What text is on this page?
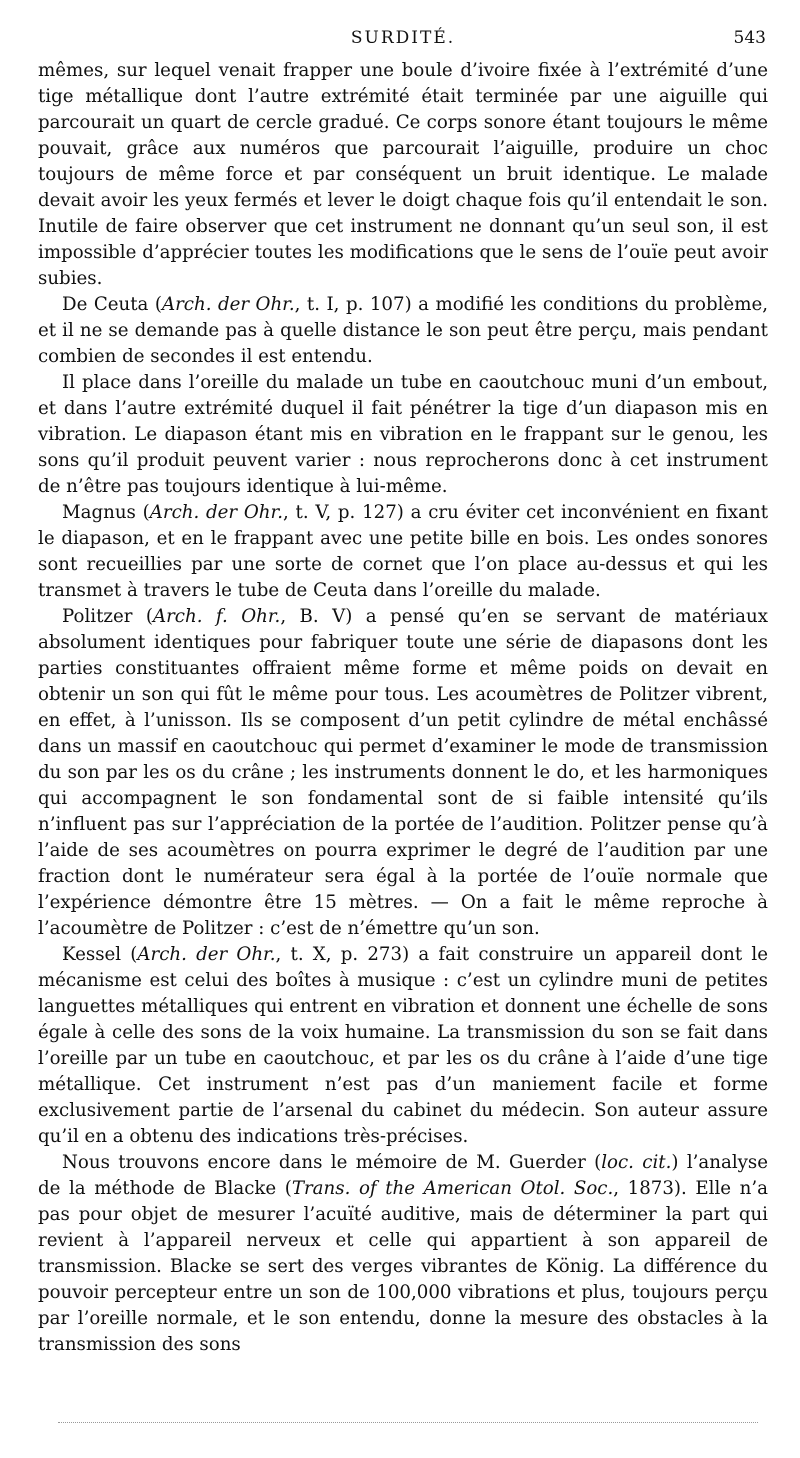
SURDITÉ.	543

mêmes, sur lequel venait frapper une boule d’ivoire fixée à l’extrémité d’une tige métallique dont l’autre extrémité était terminée par une aiguille qui parcourait un quart de cercle gradué. Ce corps sonore étant toujours le même pouvait, grâce aux numéros que parcourait l’aiguille, produire un choc toujours de même force et par conséquent un bruit identique. Le malade devait avoir les yeux fermés et lever le doigt chaque fois qu’il entendait le son. Inutile de faire observer que cet instrument ne donnant qu’un seul son, il est impossible d’apprécier toutes les modifications que le sens de l’ouïe peut avoir subies.

De Ceuta (Arch. der Ohr., t. I, p. 107) a modifié les conditions du problème, et il ne se demande pas à quelle distance le son peut être perçu, mais pendant combien de secondes il est entendu.

Il place dans l’oreille du malade un tube en caoutchouc muni d’un embout, et dans l’autre extrémité duquel il fait pénétrer la tige d’un diapason mis en vibration. Le diapason étant mis en vibration en le frappant sur le genou, les sons qu’il produit peuvent varier : nous reprocherons donc à cet instrument de n’être pas toujours identique à lui-même.

Magnus (Arch. der Ohr., t. V, p. 127) a cru éviter cet inconvénient en fixant le diapason, et en le frappant avec une petite bille en bois. Les ondes sonores sont recueillies par une sorte de cornet que l’on place au-dessus et qui les transmet à travers le tube de Ceuta dans l’oreille du malade.

Politzer (Arch. f. Ohr., B. V) a pensé qu’en se servant de matériaux absolument identiques pour fabriquer toute une série de diapasons dont les parties constituantes offraient même forme et même poids on devait en obtenir un son qui fût le même pour tous. Les acoumètres de Politzer vibrent, en effet, à l’unisson. Ils se composent d’un petit cylindre de métal enchâssé dans un massif en caoutchouc qui permet d’examiner le mode de transmission du son par les os du crâne ; les instruments donnent le do, et les harmoniques qui accompagnent le son fondamental sont de si faible intensité qu’ils n’influent pas sur l’appréciation de la portée de l’audition. Politzer pense qu’à l’aide de ses acoumètres on pourra exprimer le degré de l’audition par une fraction dont le numérateur sera égal à la portée de l’ouïe normale que l’expérience démontre être 15 mètres. — On a fait le même reproche à l’acoumètre de Politzer : c’est de n’émettre qu’un son.

Kessel (Arch. der Ohr., t. X, p. 273) a fait construire un appareil dont le mécanisme est celui des boîtes à musique : c’est un cylindre muni de petites languettes métalliques qui entrent en vibration et donnent une échelle de sons égale à celle des sons de la voix humaine. La transmission du son se fait dans l’oreille par un tube en caoutchouc, et par les os du crâne à l’aide d’une tige métallique. Cet instrument n’est pas d’un maniement facile et forme exclusivement partie de l’arsenal du cabinet du médecin. Son auteur assure qu’il en a obtenu des indications très-précises.

Nous trouvons encore dans le mémoire de M. Guerder (loc. cit.) l’analyse de la méthode de Blacke (Trans. of the American Otol. Soc., 1873). Elle n’a pas pour objet de mesurer l’acuïté auditive, mais de déterminer la part qui revient à l’appareil nerveux et celle qui appartient à son appareil de transmission. Blacke se sert des verges vibrantes de König. La différence du pouvoir percepteur entre un son de 100,000 vibrations et plus, toujours perçu par l’oreille normale, et le son entendu, donne la mesure des obstacles à la transmission des sons
